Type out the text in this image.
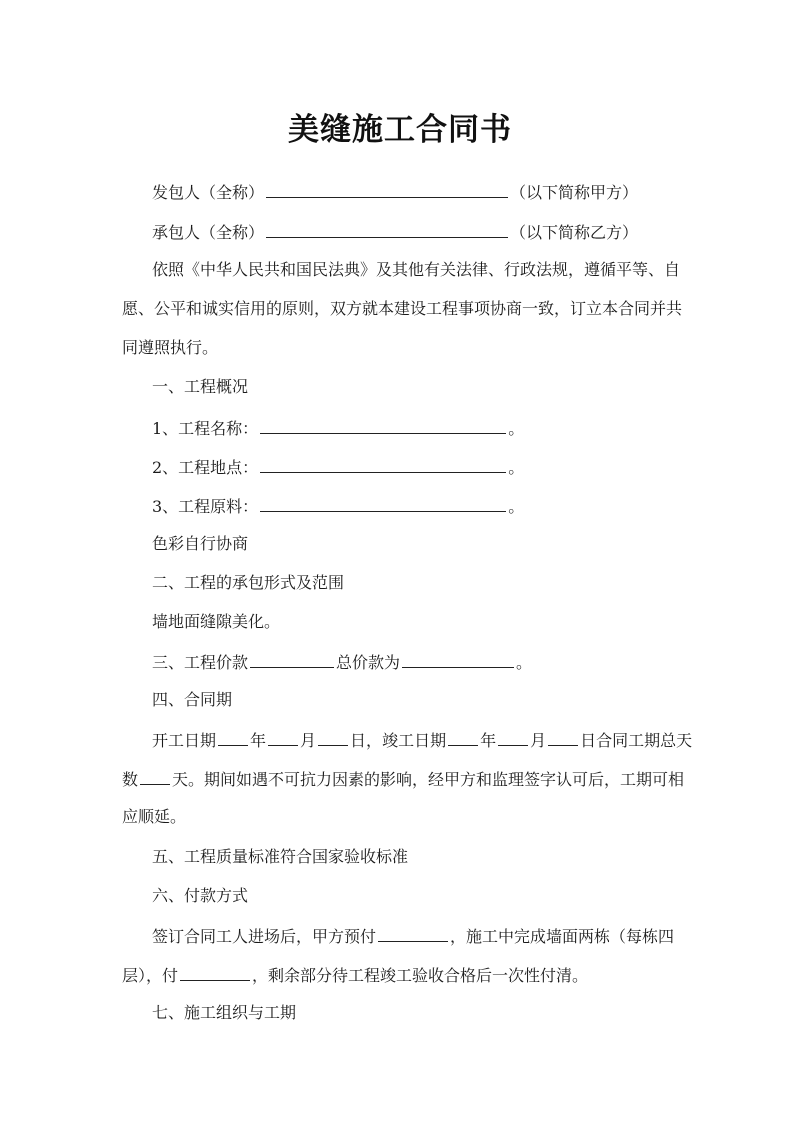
美缝施工合同书
发包人（全称）	（以下简称甲方）
承包人（全称）	（以下简称乙方）
依照《中华人民共和国民法典》及其他有关法律、行政法规，遵循平等、自
愿、公平和诚实信用的原则，双方就本建设工程事项协商一致，订立本合同并共
同遵照执行。
一、工程概况
1、工程名称：	。
2、工程地点：	。
3、工程原料：	。
色彩自行协商
二、工程的承包形式及范围
墙地面缝隙美化。
三、工程价款	总价款为	。
四、合同期
开工日期 年 月 日，竣工日期 年 月 日合同工期总天
数 天。期间如遇不可抗力因素的影响，经甲方和监理签字认可后，工期可相
应顺延。
五、工程质量标准符合国家验收标准
六、付款方式
签订合同工人进场后，甲方预付	，施工中完成墙面两栋（每栋四
层），付	，剩余部分待工程竣工验收合格后一次性付清。
七、施工组织与工期
